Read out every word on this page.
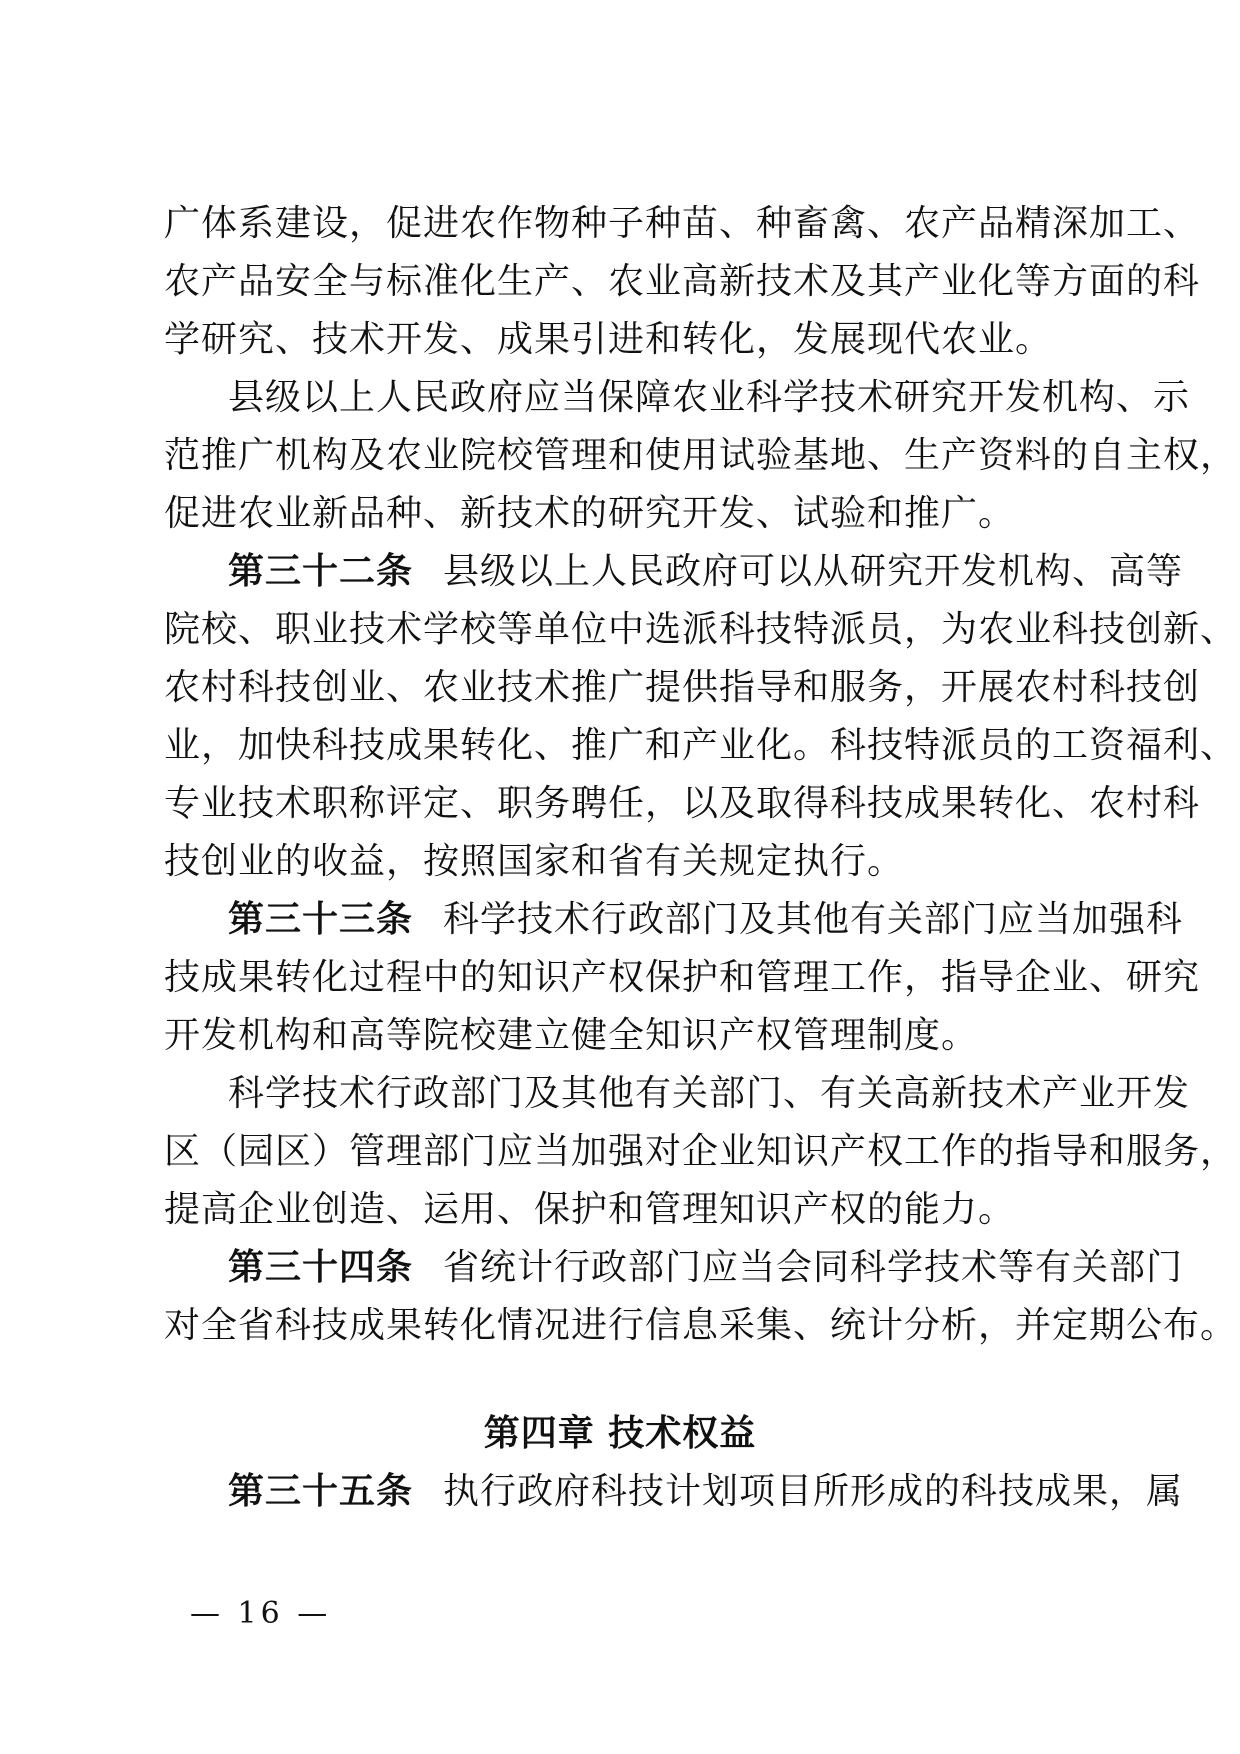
广体系建设，促进农作物种子种苗、种畜禽、农产品精深加工、
农产品安全与标准化生产、农业高新技术及其产业化等方面的科
学研究、技术开发、成果引进和转化，发展现代农业。
县级以上人民政府应当保障农业科学技术研究开发机构、示
范推广机构及农业院校管理和使用试验基地、生产资料的自主权，
促进农业新品种、新技术的研究开发、试验和推广。
第三十二条 县级以上人民政府可以从研究开发机构、高等
院校、职业技术学校等单位中选派科技特派员，为农业科技创新、
农村科技创业、农业技术推广提供指导和服务，开展农村科技创
业，加快科技成果转化、推广和产业化。科技特派员的工资福利、
专业技术职称评定、职务聘任，以及取得科技成果转化、农村科
技创业的收益，按照国家和省有关规定执行。
第三十三条 科学技术行政部门及其他有关部门应当加强科
技成果转化过程中的知识产权保护和管理工作，指导企业、研究
开发机构和高等院校建立健全知识产权管理制度。
科学技术行政部门及其他有关部门、有关高新技术产业开发
区（园区）管理部门应当加强对企业知识产权工作的指导和服务，
提高企业创造、运用、保护和管理知识产权的能力。
第三十四条 省统计行政部门应当会同科学技术等有关部门
对全省科技成果转化情况进行信息采集、统计分析，并定期公布。
第四章 技术权益
第三十五条 执行政府科技计划项目所形成的科技成果，属
— 16 —
